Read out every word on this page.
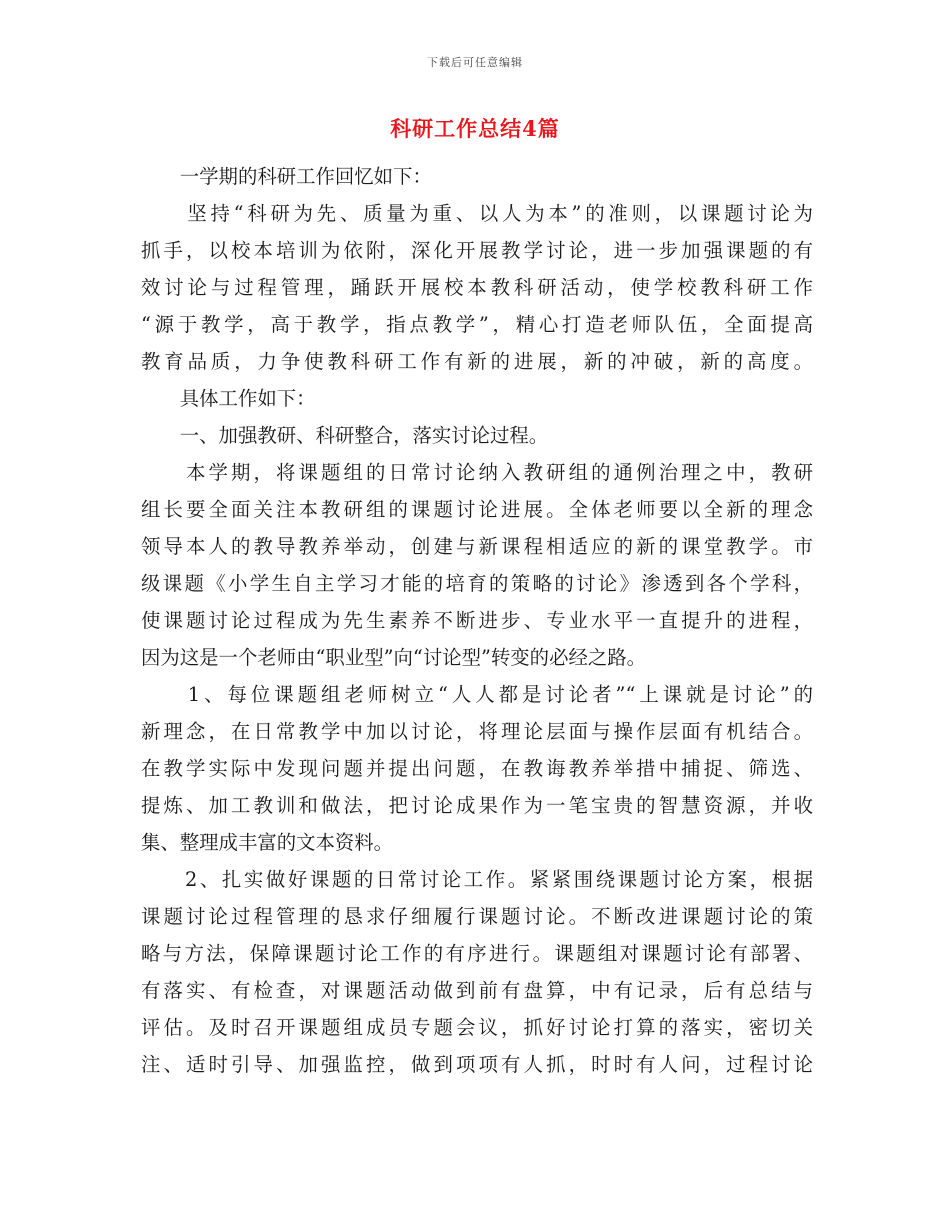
下载后可任意编辑
科研工作总结4篇
　　一学期的科研工作回忆如下：
　　坚持“科研为先、质量为重、以人为本”的准则，以课题讨论为
抓手，以校本培训为依附，深化开展教学讨论，进一步加强课题的有
效讨论与过程管理，踊跃开展校本教科研活动，使学校教科研工作
“源于教学，高于教学，指点教学”，精心打造老师队伍，全面提高
教育品质，力争使教科研工作有新的进展，新的冲破，新的高度。
　　具体工作如下：
　　一、加强教研、科研整合，落实讨论过程。
　　本学期，将课题组的日常讨论纳入教研组的通例治理之中，教研
组长要全面关注本教研组的课题讨论进展。全体老师要以全新的理念
领导本人的教导教养举动，创建与新课程相适应的新的课堂教学。市
级课题《小学生自主学习才能的培育的策略的讨论》渗透到各个学科，
使课题讨论过程成为先生素养不断进步、专业水平一直提升的进程，
因为这是一个老师由“职业型”向“讨论型”转变的必经之路。
　　1、每位课题组老师树立“人人都是讨论者”“上课就是讨论”的
新理念，在日常教学中加以讨论，将理论层面与操作层面有机结合。
在教学实际中发现问题并提出问题，在教诲教养举措中捕捉、筛选、
提炼、加工教训和做法，把讨论成果作为一笔宝贵的智慧资源，并收
集、整理成丰富的文本资料。
　　2、扎实做好课题的日常讨论工作。紧紧围绕课题讨论方案，根据
课题讨论过程管理的恳求仔细履行课题讨论。不断改进课题讨论的策
略与方法，保障课题讨论工作的有序进行。课题组对课题讨论有部署、
有落实、有检查，对课题活动做到前有盘算，中有记录，后有总结与
评估。及时召开课题组成员专题会议，抓好讨论打算的落实，密切关
注、适时引导、加强监控，做到项项有人抓，时时有人问，过程讨论
